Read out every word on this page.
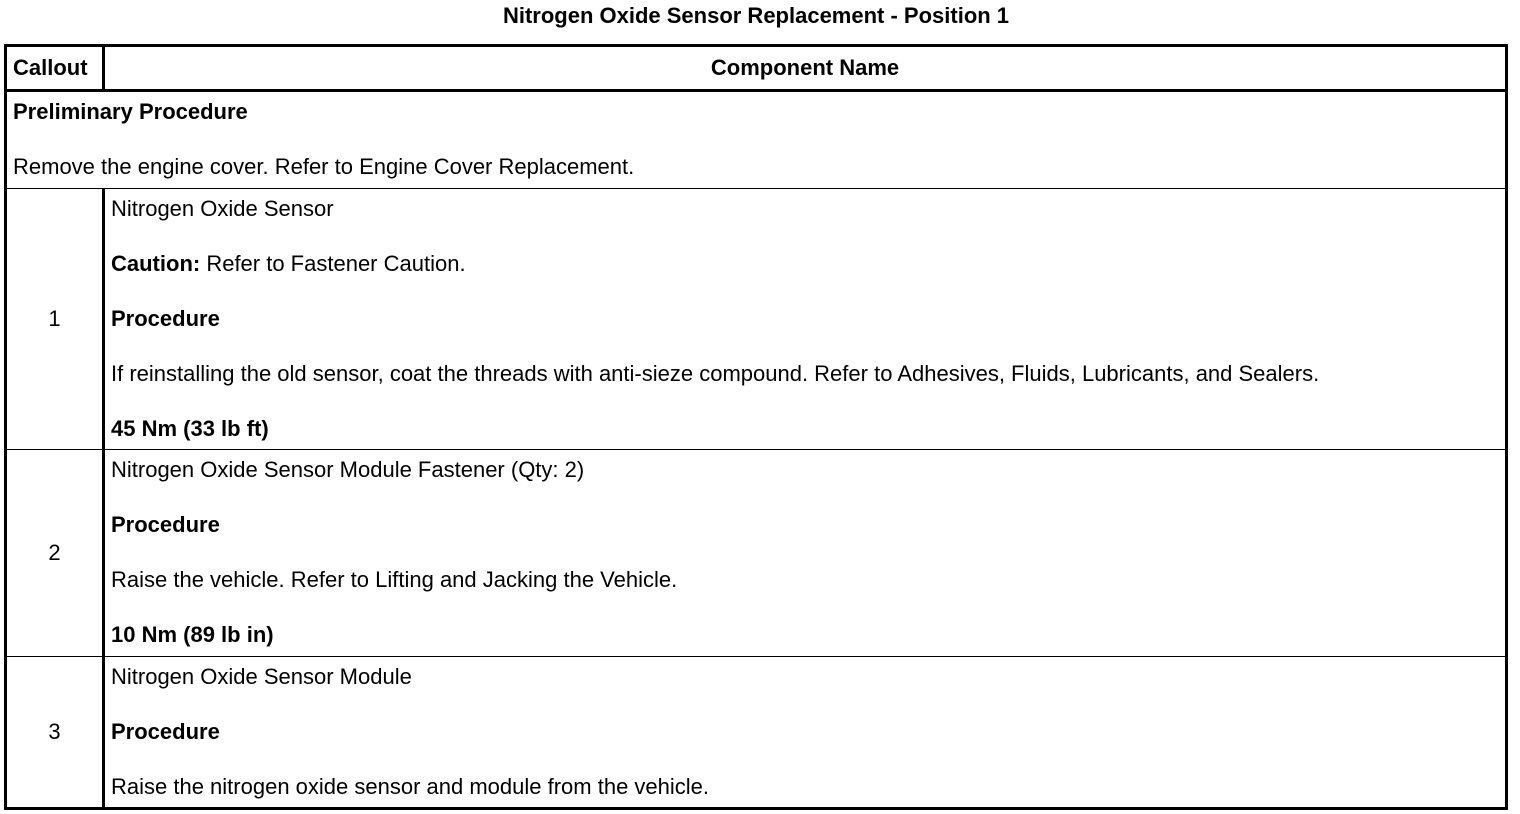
Nitrogen Oxide Sensor Replacement - Position 1
Callout	Component Name

Preliminary Procedure

Remove the engine cover. Refer to Engine Cover Replacement.	

1	Nitrogen Oxide Sensor

Caution: Refer to Fastener Caution.

Procedure

If reinstalling the old sensor, coat the threads with anti-sieze compound. Refer to Adhesives, Fluids, Lubricants, and Sealers.

45 Nm (33 lb ft)

2	Nitrogen Oxide Sensor Module Fastener (Qty: 2)

Procedure

Raise the vehicle. Refer to Lifting and Jacking the Vehicle.

10 Nm (89 lb in)

3	Nitrogen Oxide Sensor Module

Procedure

Raise the nitrogen oxide sensor and module from the vehicle.
